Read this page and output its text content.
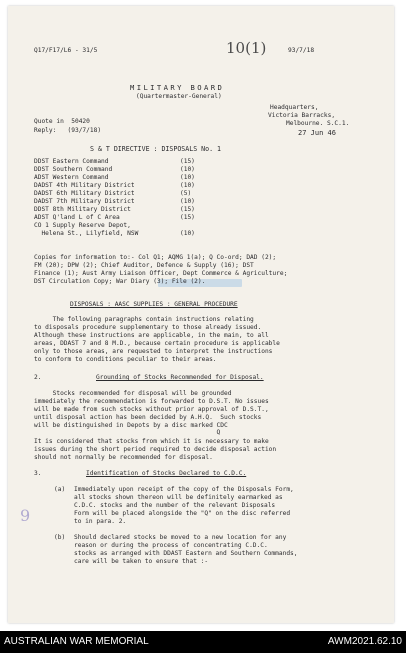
Q17/F17/L6 - 31/5	93/7/18
10(1)
MILITARY BOARD
(Quartermaster-General)
Headquarters,
Victoria Barracks,
Melbourne. S.C.1.
27 Jun 46
Quote in  50420
Reply:   (93/7/18)
S & T DIRECTIVE : DISPOSALS No. 1
DDST Eastern Command	(15)
DDST Southern Command	(10)
ADST Western Command	(10)
DADST 4th Military District	(10)
DADST 6th Military District	(5)
DADST 7th Military District	(10)
DDST 8th Military District	(15)
ADST Q'land L of C Area	(15)
CO 1 Supply Reserve Depot,
Helena St., Lilyfield, NSW	(10)
Copies for information to:- Col Q1; AQMG 1(a); Q Co-ord; DAD (2);
FM (20); DPW (2); Chief Auditor, Defence & Supply (16); DST
Finance (1); Aust Army Liaison Officer, Dept Commerce & Agriculture;
DST Circulation Copy; War Diary (3); File (2).
DISPOSALS : AASC SUPPLIES : GENERAL PROCEDURE
The following paragraphs contain instructions relating
to disposals procedure supplementary to those already issued.
Although these instructions are applicable, in the main, to all
areas, DDAST 7 and 8 M.D., because certain procedure is applicable
only to those areas, are requested to interpret the instructions
to conform to conditions peculiar to their areas.
2.	Grounding of Stocks Recommended for Disposal.
Stocks recommended for disposal will be grounded
immediately the recommendation is forwarded to D.S.T. No issues
will be made from such stocks without prior approval of D.S.T.,
until disposal action has been decided by A.H.Q.  Such stocks
will be distinguished in Depots by a disc marked CDC
Q
It is considered that stocks from which it is necessary to make
issues during the short period required to decide disposal action
should not normally be recommended for disposal.
3.	Identification of Stocks Declared to C.D.C.
(a) Immediately upon receipt of the copy of the Disposals Form,
all stocks shown thereon will be definitely earmarked as
C.D.C. stocks and the number of the relevant Disposals
Form will be placed alongside the "Q" on the disc referred
to in para. 2.
(b) Should declared stocks be moved to a new location for any
reason or during the process of concentrating C.D.C.
stocks as arranged with DDAST Eastern and Southern Commands,
care will be taken to ensure that :-
9
AUSTRALIAN WAR MEMORIAL	AWM2021.62.10
